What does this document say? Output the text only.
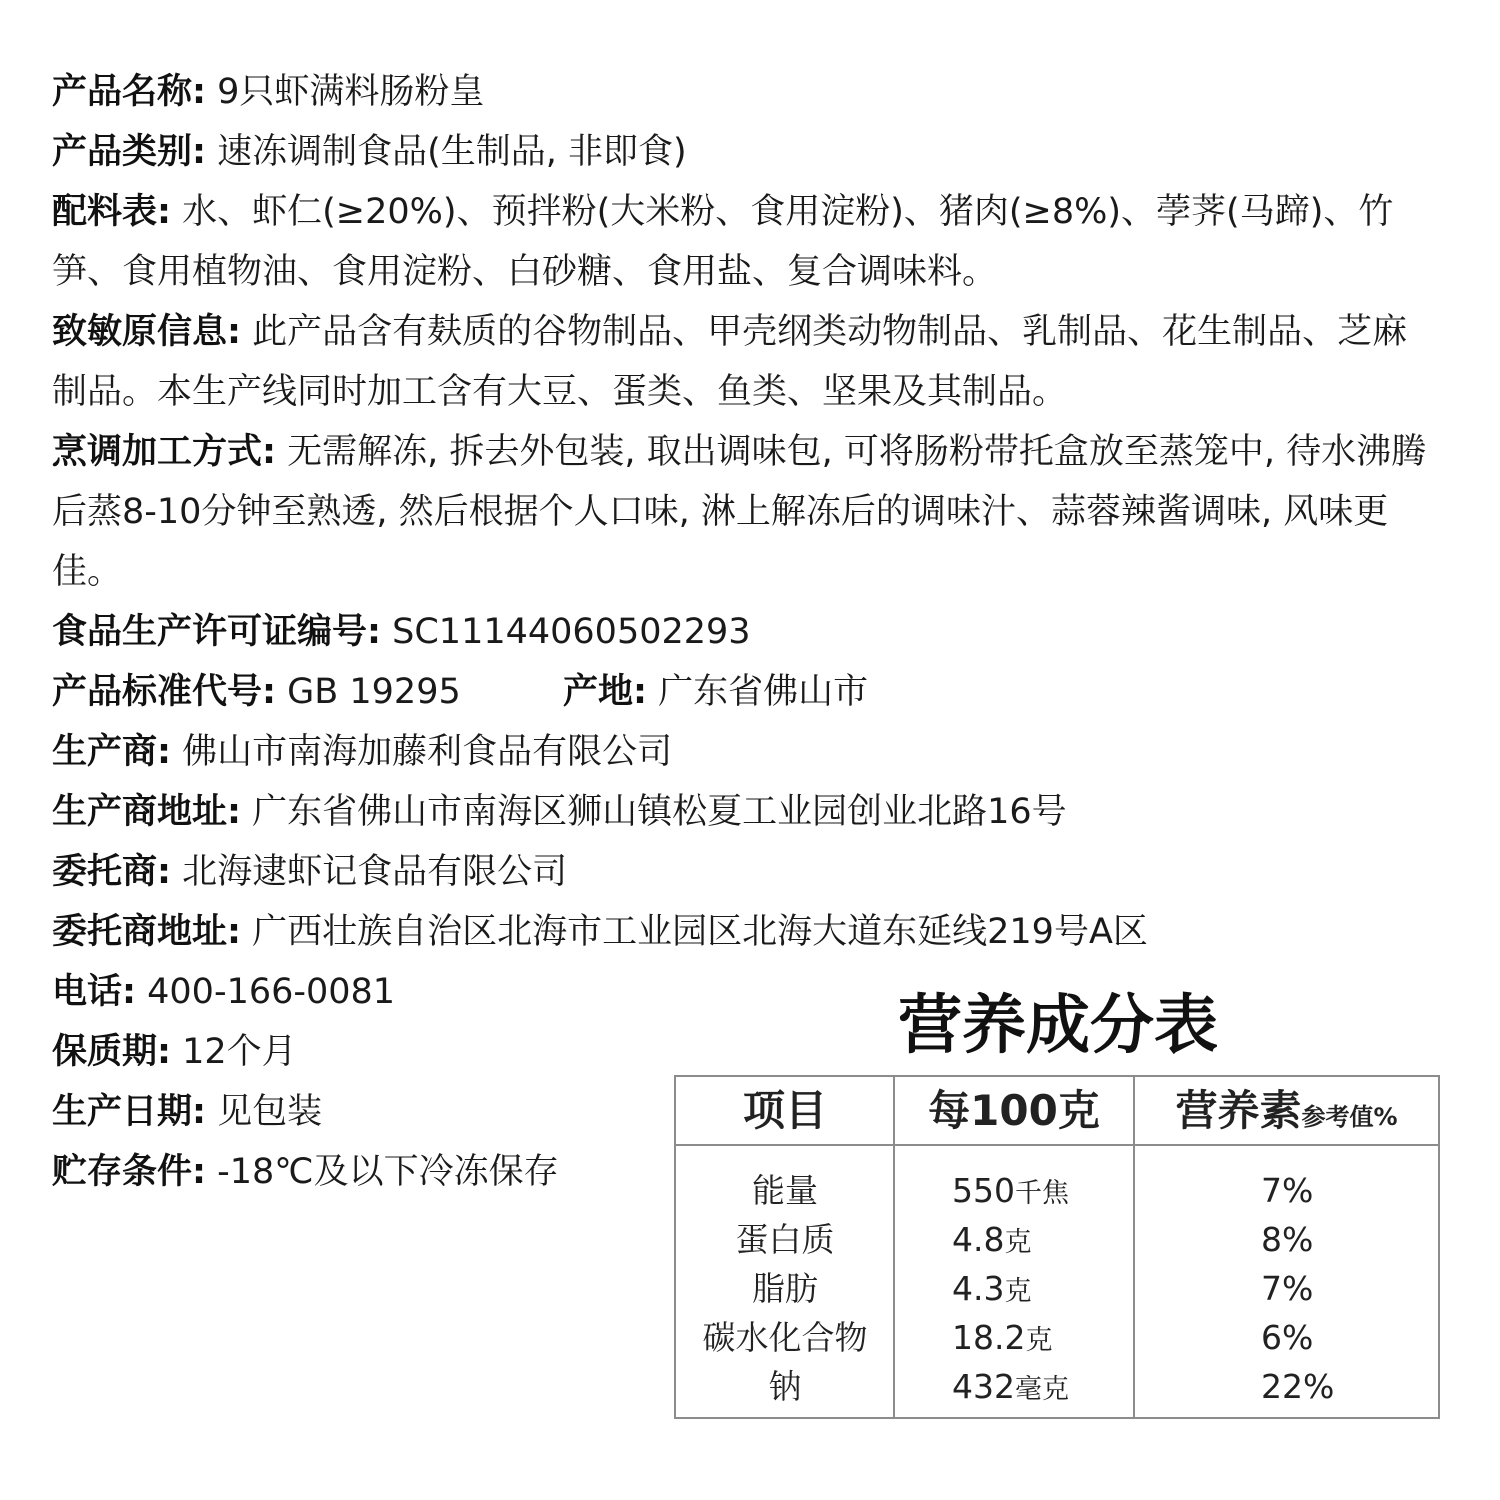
产品名称: 9只虾满料肠粉皇
产品类别: 速冻调制食品(生制品, 非即食)
配料表: 水、虾仁(≥20%)、预拌粉(大米粉、食用淀粉)、猪肉(≥8%)、荸荠(马蹄)、竹笋、食用植物油、食用淀粉、白砂糖、食用盐、复合调味料。
致敏原信息: 此产品含有麸质的谷物制品、甲壳纲类动物制品、乳制品、花生制品、芝麻制品。本生产线同时加工含有大豆、蛋类、鱼类、坚果及其制品。
烹调加工方式: 无需解冻, 拆去外包装, 取出调味包, 可将肠粉带托盒放至蒸笼中, 待水沸腾后蒸8-10分钟至熟透, 然后根据个人口味, 淋上解冻后的调味汁、蒜蓉辣酱调味, 风味更佳。
食品生产许可证编号: SC11144060502293
产品标准代号: GB 19295	产地: 广东省佛山市
生产商: 佛山市南海加藤利食品有限公司
生产商地址: 广东省佛山市南海区狮山镇松夏工业园创业北路16号
委托商: 北海逮虾记食品有限公司
委托商地址: 广西壮族自治区北海市工业园区北海大道东延线219号A区
电话: 400-166-0081
保质期: 12个月
生产日期: 见包装
贮存条件: -18℃及以下冷冻保存
营养成分表
项目	每100克	营养素参考值%
能量	550千焦	7%
蛋白质	4.8克	8%
脂肪	4.3克	7%
碳水化合物	18.2克	6%
钠	432毫克	22%
